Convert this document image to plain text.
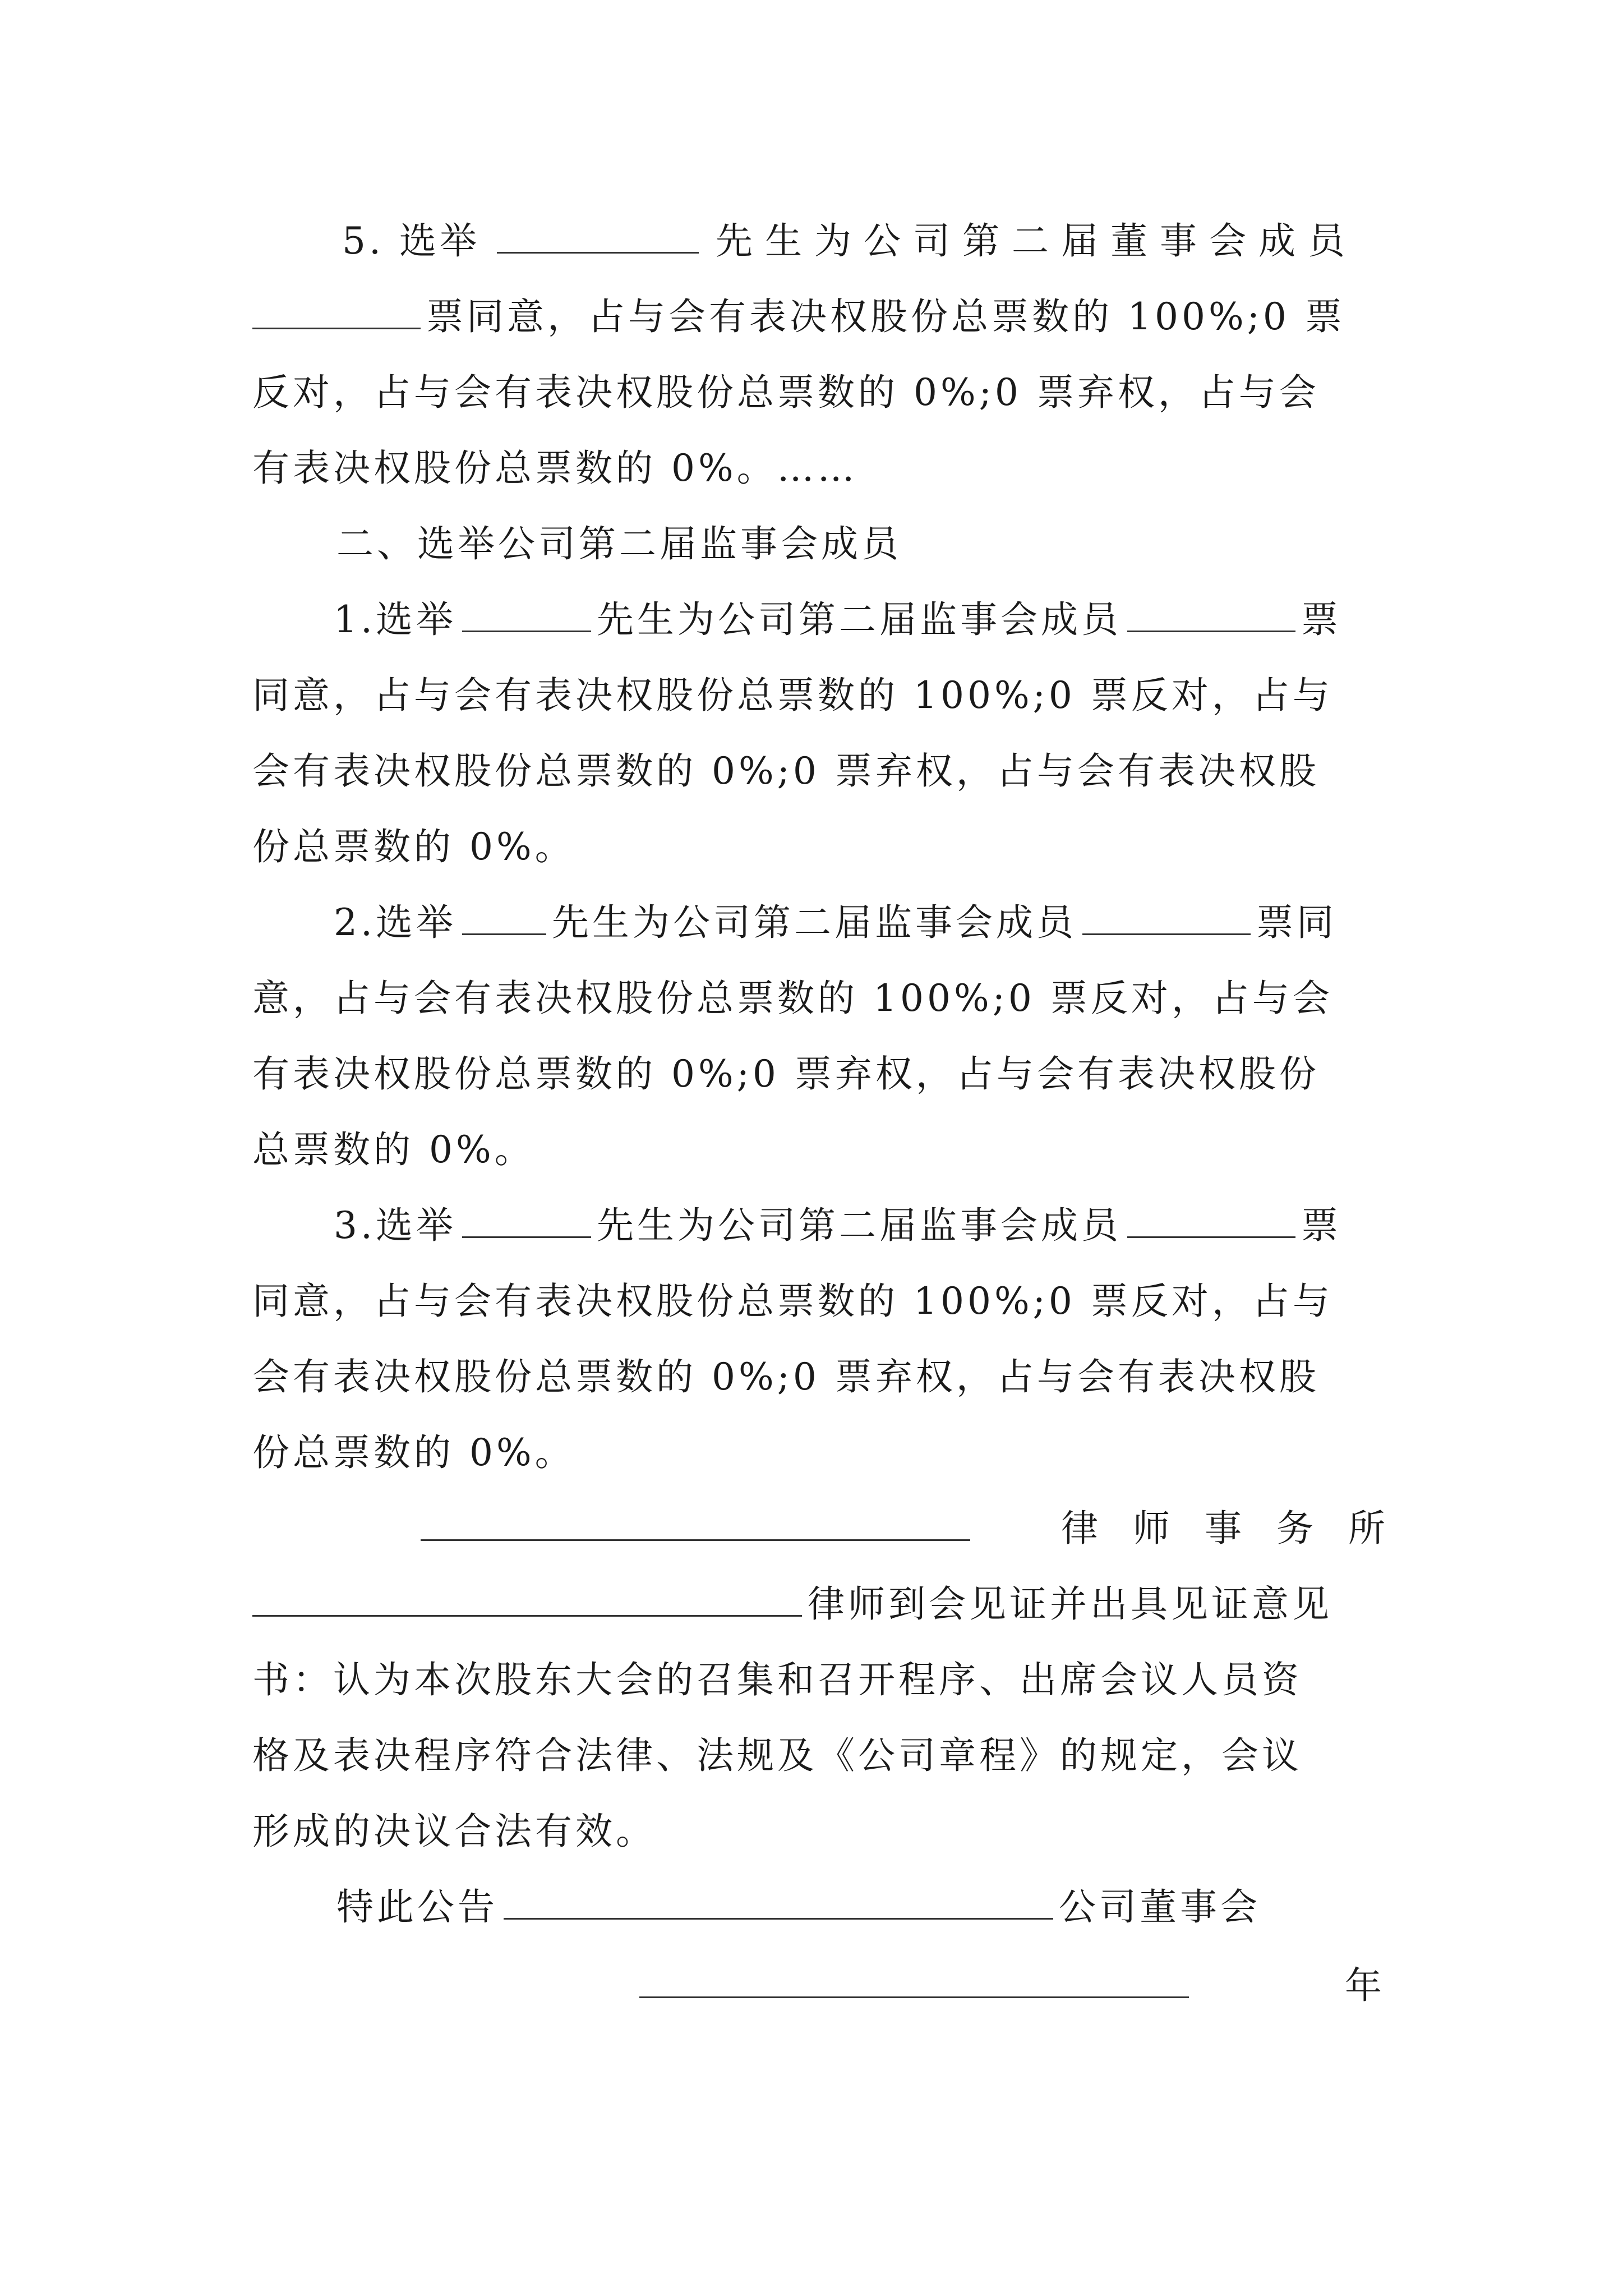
5. 选举	先生为公司第二届董事会成员
票同意，占与会有表决权股份总票数的 100%;0 票
反对，占与会有表决权股份总票数的 0%;0 票弃权，占与会
有表决权股份总票数的 0%。……
二、选举公司第二届监事会成员
1.选举	先生为公司第二届监事会成员	票
同意，占与会有表决权股份总票数的 100%;0 票反对，占与
会有表决权股份总票数的 0%;0 票弃权，占与会有表决权股
份总票数的 0%。
2.选举	先生为公司第二届监事会成员	票同
意，占与会有表决权股份总票数的 100%;0 票反对，占与会
有表决权股份总票数的 0%;0 票弃权，占与会有表决权股份
总票数的 0%。
3.选举	先生为公司第二届监事会成员	票
同意，占与会有表决权股份总票数的 100%;0 票反对，占与
会有表决权股份总票数的 0%;0 票弃权，占与会有表决权股
份总票数的 0%。
律师事务所
律师到会见证并出具见证意见
书：认为本次股东大会的召集和召开程序、出席会议人员资
格及表决程序符合法律、法规及《公司章程》的规定，会议
形成的决议合法有效。
特此公告	公司董事会
年
